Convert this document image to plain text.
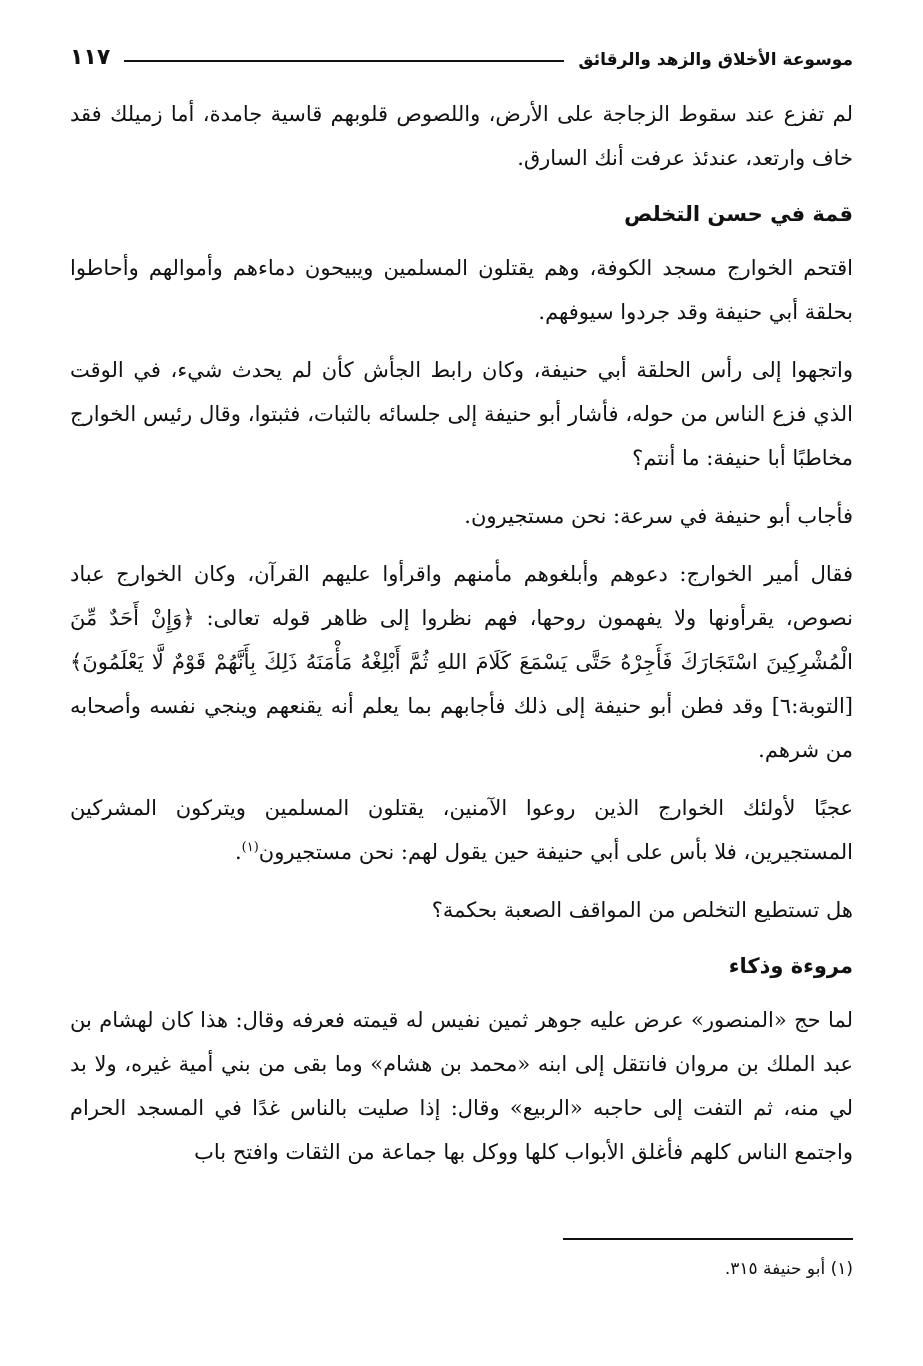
موسوعة الأخلاق والزهد والرقائق
١١٧

لم تفزع عند سقوط الزجاجة على الأرض، واللصوص قلوبهم قاسية جامدة، أما زميلك فقد خاف وارتعد، عندئذ عرفت أنك السارق.

قمة في حسن التخلص

اقتحم الخوارج مسجد الكوفة، وهم يقتلون المسلمين ويبيحون دماءهم وأموالهم وأحاطوا بحلقة أبي حنيفة وقد جردوا سيوفهم.

واتجهوا إلى رأس الحلقة أبي حنيفة، وكان رابط الجأش كأن لم يحدث شيء، في الوقت الذي فزع الناس من حوله، فأشار أبو حنيفة إلى جلسائه بالثبات، فثبتوا، وقال رئيس الخوارج مخاطبًا أبا حنيفة: ما أنتم؟

فأجاب أبو حنيفة في سرعة: نحن مستجيرون.

فقال أمير الخوارج: دعوهم وأبلغوهم مأمنهم واقرأوا عليهم القرآن، وكان الخوارج عباد نصوص، يقرأونها ولا يفهمون روحها، فهم نظروا إلى ظاهر قوله تعالى: ﴿وَإِنْ أَحَدٌ مِّنَ الْمُشْرِكِينَ اسْتَجَارَكَ فَأَجِرْهُ حَتَّى يَسْمَعَ كَلَامَ اللهِ ثُمَّ أَبْلِغْهُ مَأْمَنَهُ ذَلِكَ بِأَنَّهُمْ قَوْمٌ لَّا يَعْلَمُونَ﴾ [التوبة:٦] وقد فطن أبو حنيفة إلى ذلك فأجابهم بما يعلم أنه يقنعهم وينجي نفسه وأصحابه من شرهم.

عجبًا لأولئك الخوارج الذين روعوا الآمنين، يقتلون المسلمين ويتركون المشركين المستجيرين، فلا بأس على أبي حنيفة حين يقول لهم: نحن مستجيرون$^{(١)}$.

هل تستطيع التخلص من المواقف الصعبة بحكمة؟

مروءة وذكاء

لما حج «المنصور» عرض عليه جوهر ثمين نفيس له قيمته فعرفه وقال: هذا كان لهشام بن عبد الملك بن مروان فانتقل إلى ابنه «محمد بن هشام» وما بقى من بني أمية غيره، ولا بد لي منه، ثم التفت إلى حاجبه «الربيع» وقال: إذا صليت بالناس غدًا في المسجد الحرام واجتمع الناس كلهم فأغلق الأبواب كلها ووكل بها جماعة من الثقات وافتح باب

(١) أبو حنيفة ٣١٥.
